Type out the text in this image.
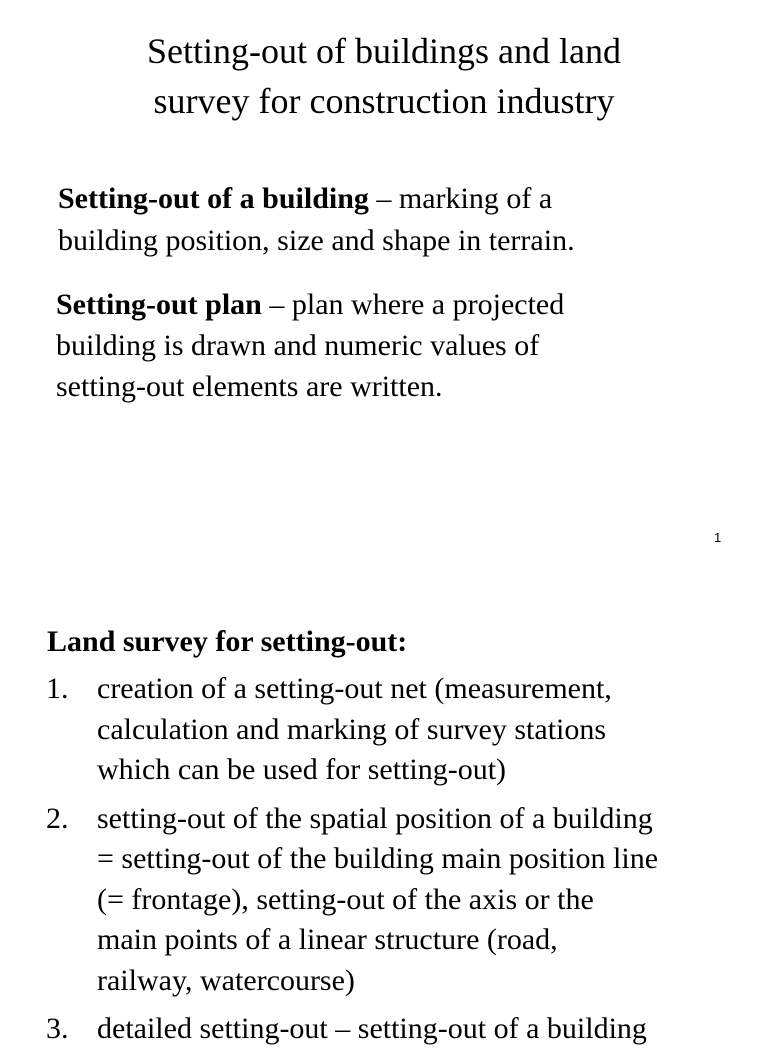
Setting-out of buildings and land
survey for construction industry

Setting-out of a building – marking of a
building position, size and shape in terrain.

Setting-out plan – plan where a projected
building is drawn and numeric values of
setting-out elements are written.

1
Land survey for setting-out:
1. creation of a setting-out net (measurement,
calculation and marking of survey stations
which can be used for setting-out)
2. setting-out of the spatial position of a building
= setting-out of the building main position line
(= frontage), setting-out of the axis or the
main points of a linear structure (road,
railway, watercourse)
3. detailed setting-out – setting-out of a building
